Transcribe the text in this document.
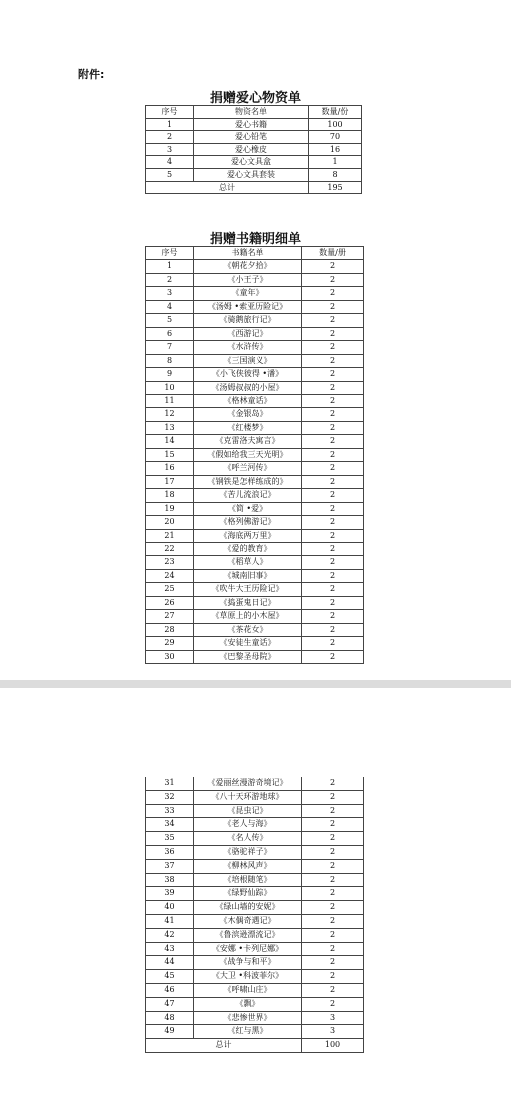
附件:
捐赠爱心物资单
序号	物资名单	数量/份
1	爱心书籍	100
2	爱心铅笔	70
3	爱心橡皮	16
4	爱心文具盒	1
5	爱心文具套装	8
总计		195
捐赠书籍明细单
序号	书籍名单	数量/册
1	《朝花夕拾》	2
2	《小王子》	2
3	《童年》	2
4	《汤姆 •索亚历险记》	2
5	《骑鹅旅行记》	2
6	《西游记》	2
7	《水浒传》	2
8	《三国演义》	2
9	《小飞侠彼得 •潘》	2
10	《汤姆叔叔的小屋》	2
11	《格林童话》	2
12	《金银岛》	2
13	《红楼梦》	2
14	《克雷洛夫寓言》	2
15	《假如给我三天光明》	2
16	《呼兰河传》	2
17	《钢铁是怎样练成的》	2
18	《苦儿流浪记》	2
19	《简 •爱》	2
20	《格列佛游记》	2
21	《海底两万里》	2
22	《爱的教育》	2
23	《稻草人》	2
24	《城南旧事》	2
25	《吹牛大王历险记》	2
26	《捣蛋鬼日记》	2
27	《草原上的小木屋》	2
28	《茶花女》	2
29	《安徒生童话》	2
30	《巴黎圣母院》	2
31	《爱丽丝漫游奇境记》	2
32	《八十天环游地球》	2
33	《昆虫记》	2
34	《老人与海》	2
35	《名人传》	2
36	《骆驼祥子》	2
37	《柳林风声》	2
38	《培根随笔》	2
39	《绿野仙踪》	2
40	《绿山墙的安妮》	2
41	《木偶奇遇记》	2
42	《鲁滨逊漂流记》	2
43	《安娜 •卡列尼娜》	2
44	《战争与和平》	2
45	《大卫 •科波菲尔》	2
46	《呼啸山庄》	2
47	《飘》	2
48	《悲惨世界》	3
49	《红与黑》	3
总计		100
